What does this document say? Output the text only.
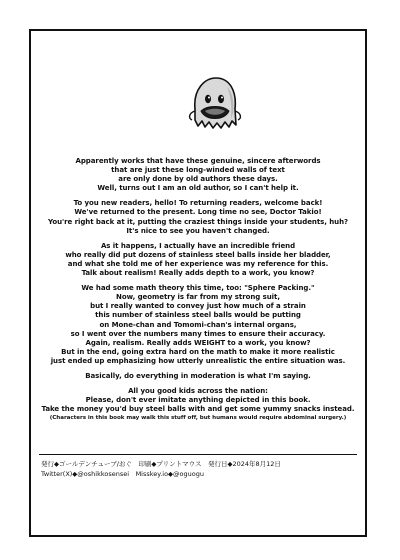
Apparently works that have these genuine, sincere afterwords
that are just these long-winded walls of text
are only done by old authors these days.
Well, turns out I am an old author, so I can't help it.

To you new readers, hello! To returning readers, welcome back!
We've returned to the present. Long time no see, Doctor Takio!
You're right back at it, putting the craziest things inside your students, huh?
It's nice to see you haven't changed.

As it happens, I actually have an incredible friend
who really did put dozens of stainless steel balls inside her bladder,
and what she told me of her experience was my reference for this.
Talk about realism! Really adds depth to a work, you know?

We had some math theory this time, too: "Sphere Packing."
Now, geometry is far from my strong suit,
but I really wanted to convey just how much of a strain
this number of stainless steel balls would be putting
on Mone-chan and Tomomi-chan's internal organs,
so I went over the numbers many times to ensure their accuracy.
Again, realism. Really adds WEIGHT to a work, you know?
But in the end, going extra hard on the math to make it more realistic
just ended up emphasizing how utterly unrealistic the entire situation was.

Basically, do everything in moderation is what I'm saying.

All you good kids across the nation:
Please, don't ever imitate anything depicted in this book.
Take the money you'd buy steel balls with and get some yummy snacks instead.
(Characters in this book may walk this stuff off, but humans would require abdominal surgery.)

発行◆ゴールデンチューブ/おぐ　印刷◆プリントマウス　発行日◆2024年8月12日
Twitter(X)◆@oshikkosensei　Misskey.io◆@oguogu
